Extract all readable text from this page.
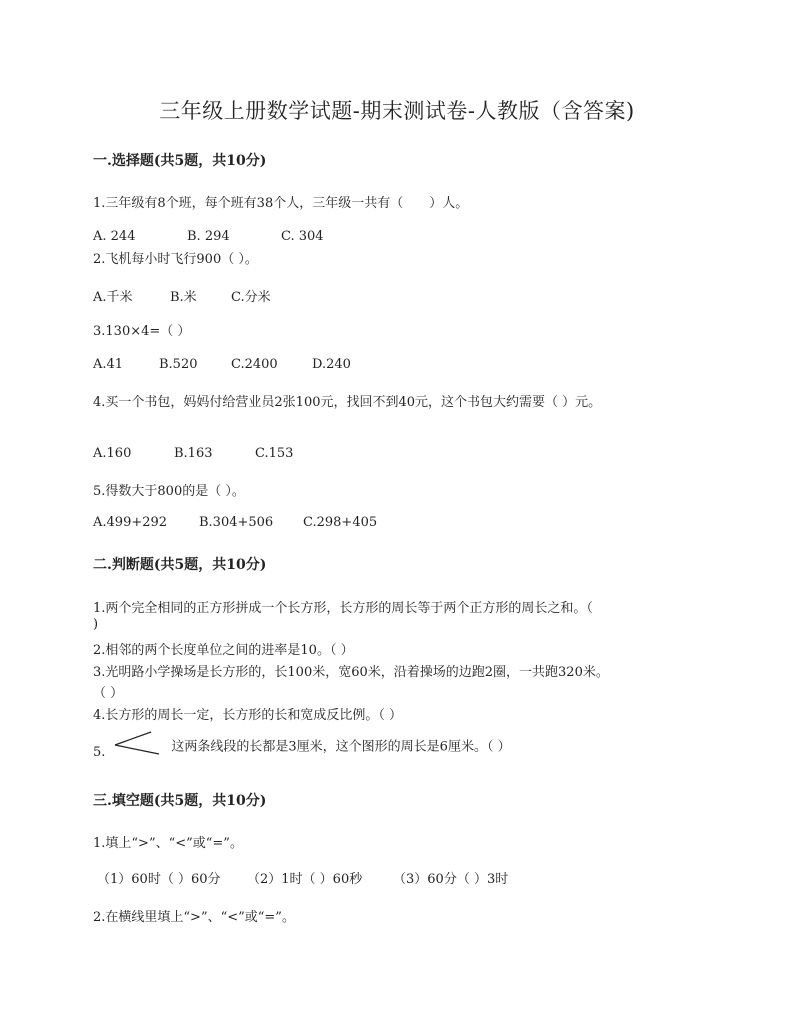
三年级上册数学试题-期末测试卷-人教版（含答案)
一.选择题(共5题，共10分)
1.三年级有8个班，每个班有38个人，三年级一共有（　　）人。
A. 244	B. 294	C. 304
2.飞机每小时飞行900（ ）。
A.千米	B.米	C.分米
3.130×4=（ ）
A.41	B.520	C.2400	D.240
4.买一个书包，妈妈付给营业员2张100元，找回不到40元，这个书包大约需要（ ）元。
A.160	B.163	C.153
5.得数大于800的是（ ）。
A.499+292 B.304+506 C.298+405
二.判断题(共5题，共10分)
1.两个完全相同的正方形拼成一个长方形，长方形的周长等于两个正方形的周长之和。（
)
2.相邻的两个长度单位之间的进率是10。（ ）
3.光明路小学操场是长方形的，长100米，宽60米，沿着操场的边跑2圈，一共跑320米。
（ ）
4.长方形的周长一定，长方形的长和宽成反比例。（ ）
5.	这两条线段的长都是3厘米，这个图形的周长是6厘米。（ ）
三.填空题(共5题，共10分)
1.填上“>”、“<”或“=”。
（1）60时（ ）60分 （2）1时（ ）60秒 （3）60分（ ）3时
2.在横线里填上“>”、“<”或“=”。
